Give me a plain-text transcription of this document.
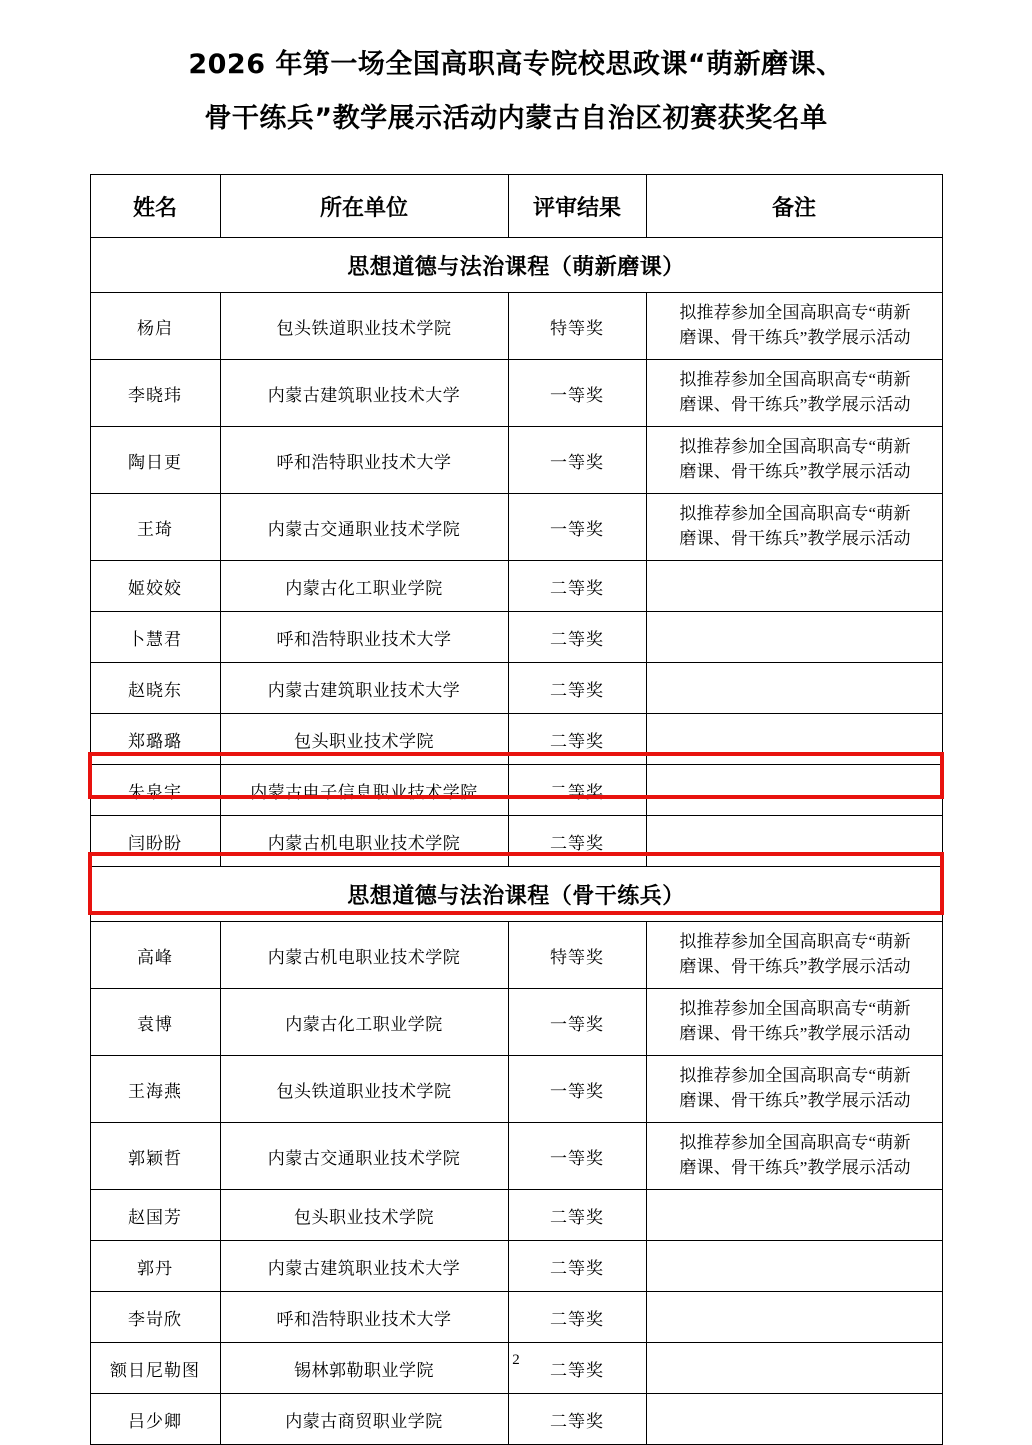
2026 年第一场全国高职高专院校思政课“萌新磨课、
骨干练兵”教学展示活动内蒙古自治区初赛获奖名单
姓名	所在单位	评审结果	备注
思想道德与法治课程（萌新磨课）			
杨启	包头铁道职业技术学院	特等奖	拟推荐参加全国高职高专“萌新
磨课、骨干练兵”教学展示活动

李晓玮	内蒙古建筑职业技术大学	一等奖	拟推荐参加全国高职高专“萌新
磨课、骨干练兵”教学展示活动

陶日更	呼和浩特职业技术大学	一等奖	拟推荐参加全国高职高专“萌新
磨课、骨干练兵”教学展示活动

王琦	内蒙古交通职业技术学院	一等奖	拟推荐参加全国高职高专“萌新
磨课、骨干练兵”教学展示活动

姬姣姣	内蒙古化工职业学院	二等奖	
卜慧君	呼和浩特职业技术大学	二等奖	
赵晓东	内蒙古建筑职业技术大学	二等奖	
郑璐璐	包头职业技术学院	二等奖	
朱泉宇	内蒙古电子信息职业技术学院	二等奖	
闫盼盼	内蒙古机电职业技术学院	二等奖	
思想道德与法治课程（骨干练兵）			
高峰	内蒙古机电职业技术学院	特等奖	拟推荐参加全国高职高专“萌新
磨课、骨干练兵”教学展示活动

袁博	内蒙古化工职业学院	一等奖	拟推荐参加全国高职高专“萌新
磨课、骨干练兵”教学展示活动

王海燕	包头铁道职业技术学院	一等奖	拟推荐参加全国高职高专“萌新
磨课、骨干练兵”教学展示活动

郭颖哲	内蒙古交通职业技术学院	一等奖	拟推荐参加全国高职高专“萌新
磨课、骨干练兵”教学展示活动

赵国芳	包头职业技术学院	二等奖	
郭丹	内蒙古建筑职业技术大学	二等奖	
李岢欣	呼和浩特职业技术大学	二等奖	
额日尼勒图	锡林郭勒职业学院	二等奖	
吕少卿	内蒙古商贸职业学院	二等奖	
2
